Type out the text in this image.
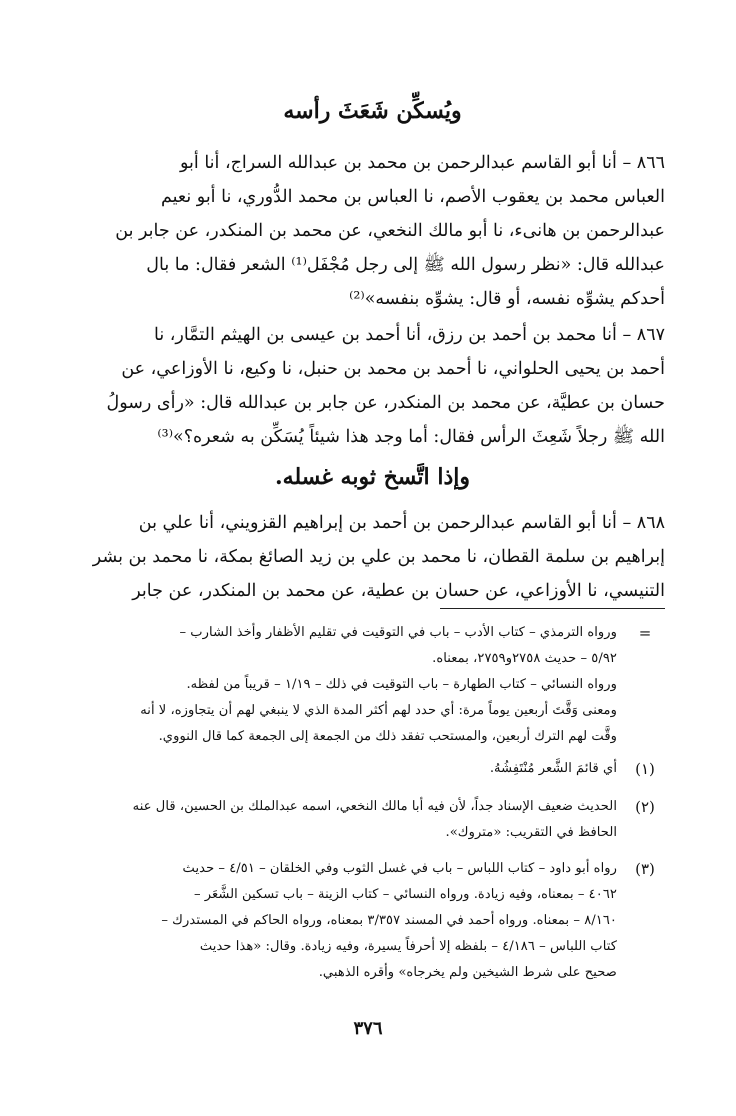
ويُسكِّن شَعَثَ رأسه
٨٦٦ – أنا أبو القاسم عبدالرحمن بن محمد بن عبدالله السراج، أنا أبو
العباس محمد بن يعقوب الأصم، نا العباس بن محمد الدُّوري، نا أبو نعيم
عبدالرحمن بن هانىء، نا أبو مالك النخعي، عن محمد بن المنكدر، عن جابر بن
عبدالله قال: «نظر رسول الله ﷺ إلى رجل مُجْفَل⁽¹⁾ الشعر فقال: ما بال
أحدكم يشوِّه نفسه، أو قال: يشوِّه بنفسه»⁽²⁾
٨٦٧ – أنا محمد بن أحمد بن رزق، أنا أحمد بن عيسى بن الهيثم التمَّار، نا
أحمد بن يحيى الحلواني، نا أحمد بن محمد بن حنبل، نا وكيع، نا الأوزاعي، عن
حسان بن عطيَّة، عن محمد بن المنكدر، عن جابر بن عبدالله قال: «رأى رسولُ
الله ﷺ رجلاً شَعِثَ الرأس فقال: أما وجد هذا شيئاً يُسَكِّن به شعره؟»⁽³⁾
وإذا اتَّسخ ثوبه غسله.
٨٦٨ – أنا أبو القاسم عبدالرحمن بن أحمد بن إبراهيم القزويني، أنا علي بن
إبراهيم بن سلمة القطان، نا محمد بن علي بن زيد الصائغ بمكة، نا محمد بن بشر
التنيسي، نا الأوزاعي، عن حسان بن عطية، عن محمد بن المنكدر، عن جابر
=
ورواه الترمذي – كتاب الأدب – باب في التوقيت في تقليم الأظفار وأخذ الشارب –
٥/٩٢ – حديث ٢٧٥٨و٢٧٥٩، بمعناه.
ورواه النسائي – كتاب الطهارة – باب التوقيت في ذلك – ١/١٩ – قريباً من لفظه.
ومعنى وَقَّتَ أربعين يوماً مرة: أي حدد لهم أكثر المدة الذي لا ينبغي لهم أن يتجاوزه، لا أنه
وقَّت لهم الترك أربعين، والمستحب تفقد ذلك من الجمعة إلى الجمعة كما قال النووي.
(١)
أي قائمَ الشَّعر مُنْتَفِشُهُ.
(٢)
الحديث ضعيف الإسناد جداً، لأن فيه أبا مالك النخعي، اسمه عبدالملك بن الحسين، قال عنه
الحافظ في التقريب: «متروك».
(٣)
رواه أبو داود – كتاب اللباس – باب في غسل الثوب وفي الخلقان – ٤/٥١ – حديث
٤٠٦٢ – بمعناه، وفيه زيادة. ورواه النسائي – كتاب الزينة – باب تسكين الشَّعَر –
٨/١٦٠ – بمعناه. ورواه أحمد في المسند ٣/٣٥٧ بمعناه، ورواه الحاكم في المستدرك –
كتاب اللباس – ٤/١٨٦ – بلفظه إلا أحرفاً يسيرة، وفيه زيادة. وقال: «هذا حديث
صحيح على شرط الشيخين ولم يخرجاه» وأقره الذهبي.
٣٧٦
